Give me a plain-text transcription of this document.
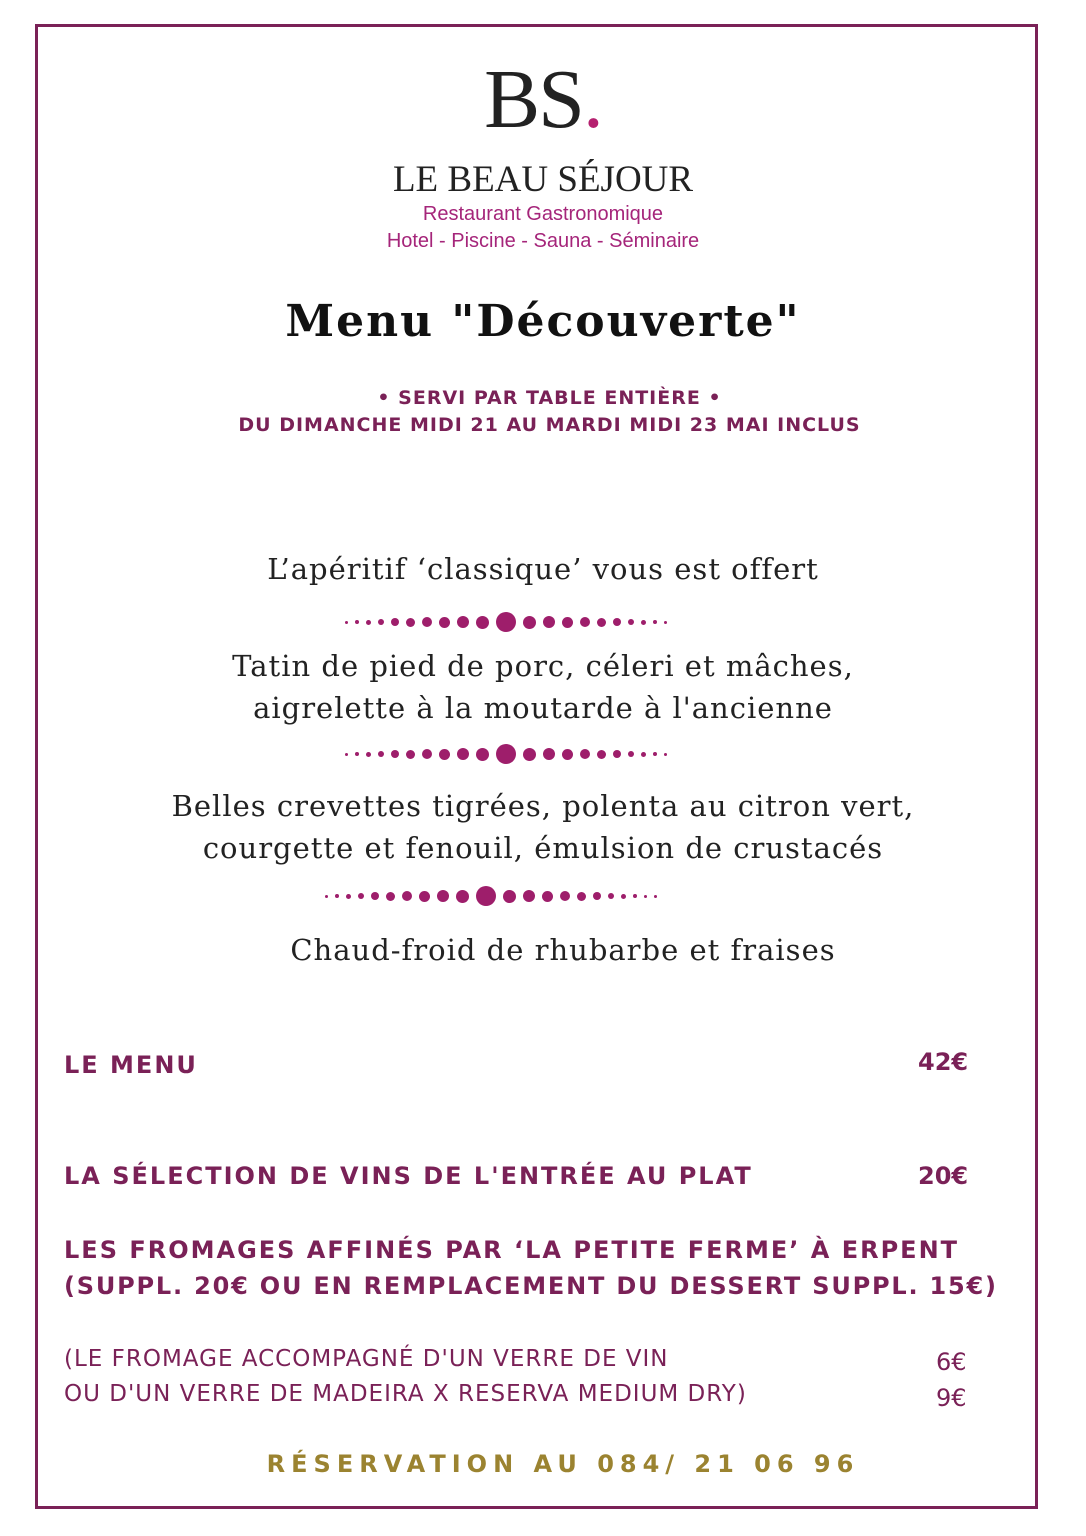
BS.
LE BEAU SÉJOUR
Restaurant Gastronomique
Hotel - Piscine - Sauna - Séminaire
Menu "Découverte"
• SERVI PAR TABLE ENTIÈRE •
DU DIMANCHE MIDI 21 AU MARDI MIDI 23 MAI INCLUS
L’apéritif ‘classique’ vous est offert
Tatin de pied de porc, céleri et mâches,
aigrelette à la moutarde à l'ancienne
Belles crevettes tigrées, polenta au citron vert,
courgette et fenouil, émulsion de crustacés
Chaud-froid de rhubarbe et fraises
LE MENU	42€
LA SÉLECTION DE VINS DE L'ENTRÉE AU PLAT	20€
LES FROMAGES AFFINÉS PAR ‘LA PETITE FERME’ À ERPENT
(SUPPL. 20€ OU EN REMPLACEMENT DU DESSERT SUPPL. 15€)
(LE FROMAGE ACCOMPAGNÉ D'UN VERRE DE VIN	6€
OU D'UN VERRE DE MADEIRA X RESERVA MEDIUM DRY)	9€
RÉSERVATION AU 084/ 21 06 96
